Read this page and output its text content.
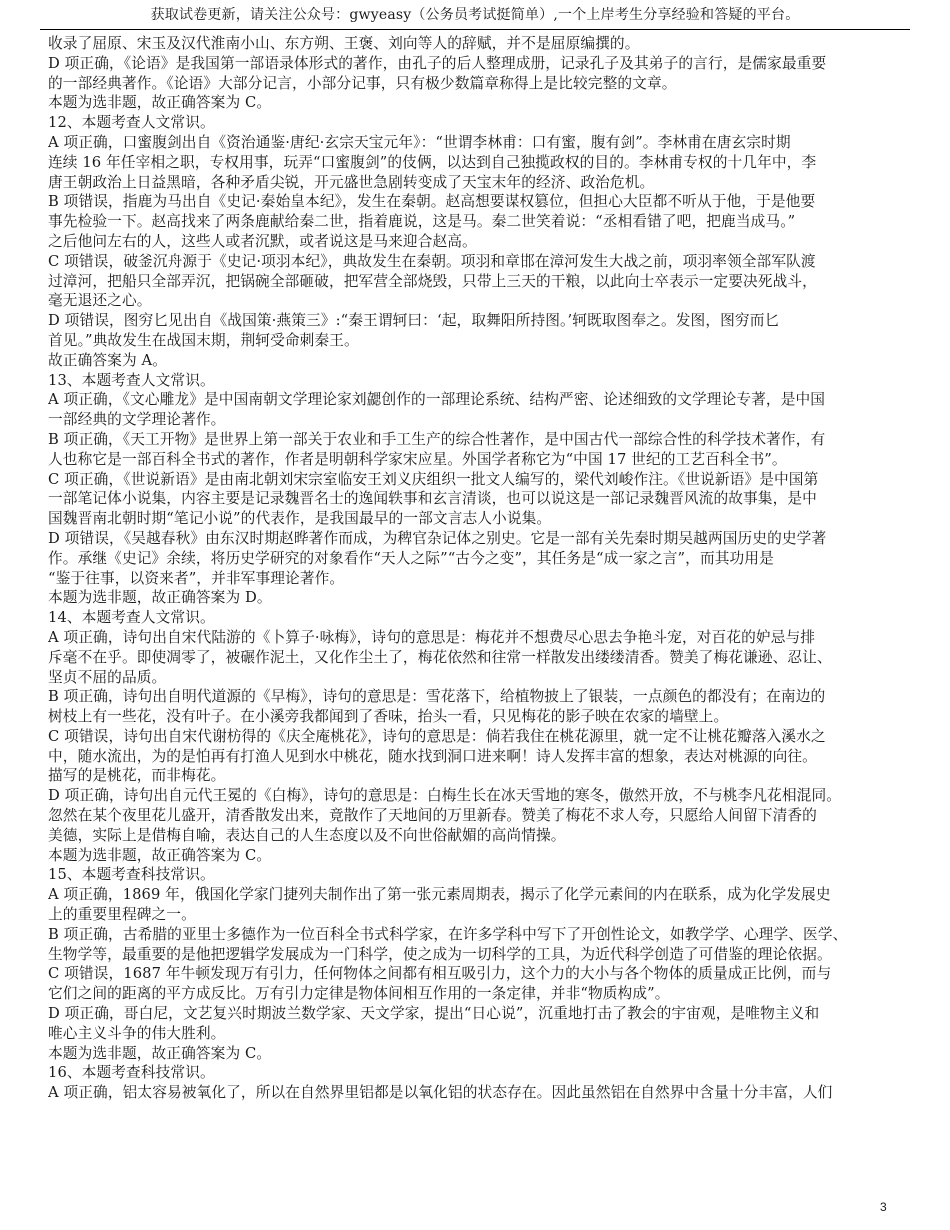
获取试卷更新，请关注公众号：gwyeasy（公务员考试挺简单）,一个上岸考生分享经验和答疑的平台。
收录了屈原、宋玉及汉代淮南小山、东方朔、王褒、刘向等人的辞赋，并不是屈原编撰的。
D 项正确，《论语》是我国第一部语录体形式的著作，由孔子的后人整理成册，记录孔子及其弟子的言行，是儒家最重要
的一部经典著作。《论语》大部分记言，小部分记事，只有极少数篇章称得上是比较完整的文章。
本题为选非题，故正确答案为 C。
12、本题考查人文常识。
A 项正确，口蜜腹剑出自《资治通鉴·唐纪·玄宗天宝元年》：“世谓李林甫：口有蜜，腹有剑”。李林甫在唐玄宗时期
连续 16 年任宰相之职，专权用事，玩弄“口蜜腹剑”的伎俩，以达到自己独揽政权的目的。李林甫专权的十几年中，李
唐王朝政治上日益黑暗，各种矛盾尖锐，开元盛世急剧转变成了天宝末年的经济、政治危机。
B 项错误，指鹿为马出自《史记·秦始皇本纪》，发生在秦朝。赵高想要谋权篡位，但担心大臣都不听从于他，于是他要
事先检验一下。赵高找来了两条鹿献给秦二世，指着鹿说，这是马。秦二世笑着说：“丞相看错了吧，把鹿当成马。”
之后他问左右的人，这些人或者沉默，或者说这是马来迎合赵高。
C 项错误，破釜沉舟源于《史记·项羽本纪》，典故发生在秦朝。项羽和章邯在漳河发生大战之前，项羽率领全部军队渡
过漳河，把船只全部弄沉，把锅碗全部砸破，把军营全部烧毁，只带上三天的干粮，以此向士卒表示一定要决死战斗，
毫无退还之心。
D 项错误，图穷匕见出自《战国策·燕策三》:“秦王谓轲曰：‘起，取舞阳所持图。’轲既取图奉之。发图，图穷而匕
首见。”典故发生在战国末期，荆轲受命刺秦王。
故正确答案为 A。
13、本题考查人文常识。
A 项正确，《文心雕龙》是中国南朝文学理论家刘勰创作的一部理论系统、结构严密、论述细致的文学理论专著，是中国
一部经典的文学理论著作。
B 项正确，《天工开物》是世界上第一部关于农业和手工生产的综合性著作，是中国古代一部综合性的科学技术著作，有
人也称它是一部百科全书式的著作，作者是明朝科学家宋应星。外国学者称它为“中国 17 世纪的工艺百科全书”。
C 项正确，《世说新语》是由南北朝刘宋宗室临安王刘义庆组织一批文人编写的，梁代刘峻作注。《世说新语》是中国第
一部笔记体小说集，内容主要是记录魏晋名士的逸闻轶事和玄言清谈，也可以说这是一部记录魏晋风流的故事集，是中
国魏晋南北朝时期“笔记小说”的代表作，是我国最早的一部文言志人小说集。
D 项错误，《吴越春秋》由东汉时期赵晔著作而成，为稗官杂记体之别史。它是一部有关先秦时期吴越两国历史的史学著
作。承继《史记》余续，将历史学研究的对象看作“天人之际”“古今之变”，其任务是“成一家之言”，而其功用是
“鉴于往事，以资来者”，并非军事理论著作。
本题为选非题，故正确答案为 D。
14、本题考查人文常识。
A 项正确，诗句出自宋代陆游的《卜算子·咏梅》，诗句的意思是：梅花并不想费尽心思去争艳斗宠，对百花的妒忌与排
斥毫不在乎。即使凋零了，被碾作泥土，又化作尘土了，梅花依然和往常一样散发出缕缕清香。赞美了梅花谦逊、忍让、
坚贞不屈的品质。
B 项正确，诗句出自明代道源的《早梅》，诗句的意思是：雪花落下，给植物披上了银装，一点颜色的都没有；在南边的
树枝上有一些花，没有叶子。在小溪旁我都闻到了香味，抬头一看，只见梅花的影子映在农家的墙壁上。
C 项错误，诗句出自宋代谢枋得的《庆全庵桃花》，诗句的意思是：倘若我住在桃花源里，就一定不让桃花瓣落入溪水之
中，随水流出，为的是怕再有打渔人见到水中桃花，随水找到洞口进来啊！诗人发挥丰富的想象，表达对桃源的向往。
描写的是桃花，而非梅花。
D 项正确，诗句出自元代王冕的《白梅》，诗句的意思是：白梅生长在冰天雪地的寒冬，傲然开放，不与桃李凡花相混同。
忽然在某个夜里花儿盛开，清香散发出来，竟散作了天地间的万里新春。赞美了梅花不求人夸，只愿给人间留下清香的
美德，实际上是借梅自喻，表达自己的人生态度以及不向世俗献媚的高尚情操。
本题为选非题，故正确答案为 C。
15、本题考查科技常识。
A 项正确，1869 年，俄国化学家门捷列夫制作出了第一张元素周期表，揭示了化学元素间的内在联系，成为化学发展史
上的重要里程碑之一。
B 项正确，古希腊的亚里士多德作为一位百科全书式科学家，在许多学科中写下了开创性论文，如教学学、心理学、医学、
生物学等，最重要的是他把逻辑学发展成为一门科学，使之成为一切科学的工具，为近代科学创造了可借鉴的理论依据。
C 项错误，1687 年牛顿发现万有引力，任何物体之间都有相互吸引力，这个力的大小与各个物体的质量成正比例，而与
它们之间的距离的平方成反比。万有引力定律是物体间相互作用的一条定律，并非“物质构成”。
D 项正确，哥白尼，文艺复兴时期波兰数学家、天文学家，提出“日心说”，沉重地打击了教会的宇宙观，是唯物主义和
唯心主义斗争的伟大胜利。
本题为选非题，故正确答案为 C。
16、本题考查科技常识。
A 项正确，铝太容易被氧化了，所以在自然界里铝都是以氧化铝的状态存在。因此虽然铝在自然界中含量十分丰富，人们
3
